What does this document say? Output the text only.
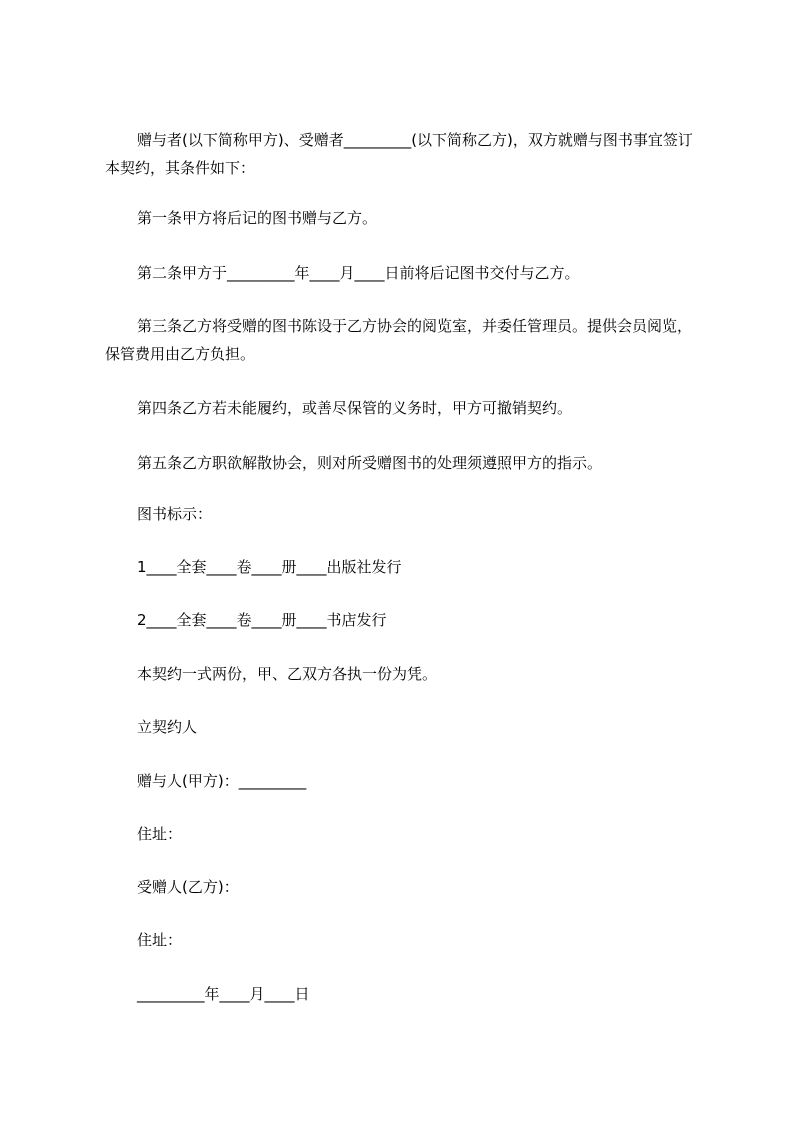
赠与者(以下简称甲方)、受赠者_________(以下简称乙方)，双方就赠与图书事宜签订本契约，其条件如下：
第一条甲方将后记的图书赠与乙方。
第二条甲方于_________年____月____日前将后记图书交付与乙方。
第三条乙方将受赠的图书陈设于乙方协会的阅览室，并委任管理员。提供会员阅览，保管费用由乙方负担。
第四条乙方若未能履约，或善尽保管的义务时，甲方可撤销契约。
第五条乙方职欲解散协会，则对所受赠图书的处理须遵照甲方的指示。
图书标示：
1____全套____卷____册____出版社发行
2____全套____卷____册____书店发行
本契约一式两份，甲、乙双方各执一份为凭。
立契约人
赠与人(甲方)：_________
住址：
受赠人(乙方)：
住址：
_________年____月____日
